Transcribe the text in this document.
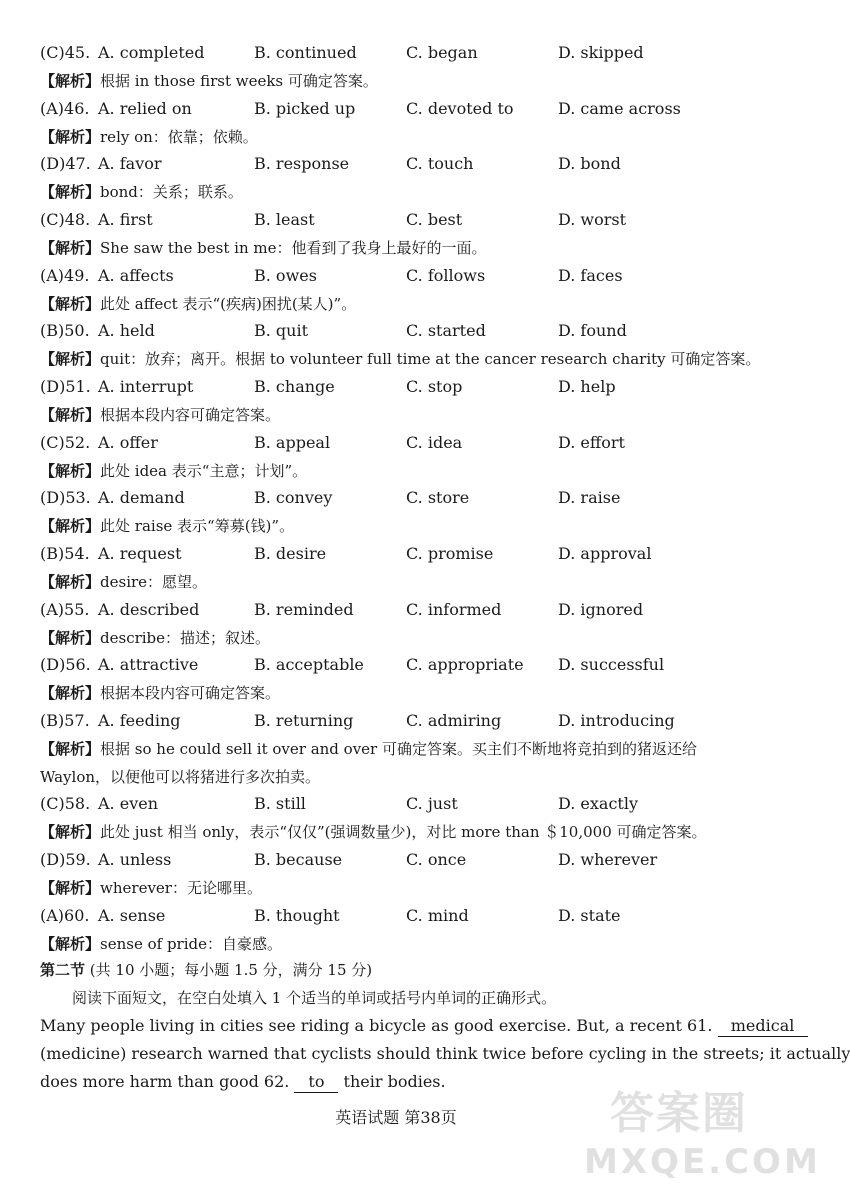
(C)45. A. completed	B. continued	C. began	D. skipped
【解析】根据 in those first weeks 可确定答案。
(A)46. A. relied on	B. picked up	C. devoted to	D. came across
【解析】rely on：依靠；依赖。
(D)47. A. favor	B. response	C. touch	D. bond
【解析】bond：关系；联系。
(C)48. A. first	B. least	C. best	D. worst
【解析】She saw the best in me：他看到了我身上最好的一面。
(A)49. A. affects	B. owes	C. follows	D. faces
【解析】此处 affect 表示“(疾病)困扰(某人)”。
(B)50. A. held	B. quit	C. started	D. found
【解析】quit：放弃；离开。根据 to volunteer full time at the cancer research charity 可确定答案。
(D)51. A. interrupt	B. change	C. stop	D. help
【解析】根据本段内容可确定答案。
(C)52. A. offer	B. appeal	C. idea	D. effort
【解析】此处 idea 表示“主意；计划”。
(D)53. A. demand	B. convey	C. store	D. raise
【解析】此处 raise 表示“筹募(钱)”。
(B)54. A. request	B. desire	C. promise	D. approval
【解析】desire：愿望。
(A)55. A. described	B. reminded	C. informed	D. ignored
【解析】describe：描述；叙述。
(D)56. A. attractive	B. acceptable	C. appropriate D. successful
【解析】根据本段内容可确定答案。
(B)57. A. feeding	B. returning	C. admiring	D. introducing
【解析】根据 so he could sell it over and over 可确定答案。买主们不断地将竞拍到的猪返还给 Waylon，以便他可以将猪进行多次拍卖。
(C)58. A. even	B. still	C. just	D. exactly
【解析】此处 just 相当 only，表示“仅仅”(强调数量少)，对比 more than ＄10,000 可确定答案。
(D)59. A. unless	B. because	C. once	D. wherever
【解析】wherever：无论哪里。
(A)60. A. sense	B. thought	C. mind	D. state
【解析】sense of pride：自豪感。
第二节 (共 10 小题；每小题 1.5 分，满分 15 分)
阅读下面短文，在空白处填入 1 个适当的单词或括号内单词的正确形式。
Many people living in cities see riding a bicycle as good exercise. But, a recent 61. medical
(medicine) research warned that cyclists should think twice before cycling in the streets; it actually
does more harm than good 62. to their bodies.
英语试题 第38页	答案圈
MXQE.COM
